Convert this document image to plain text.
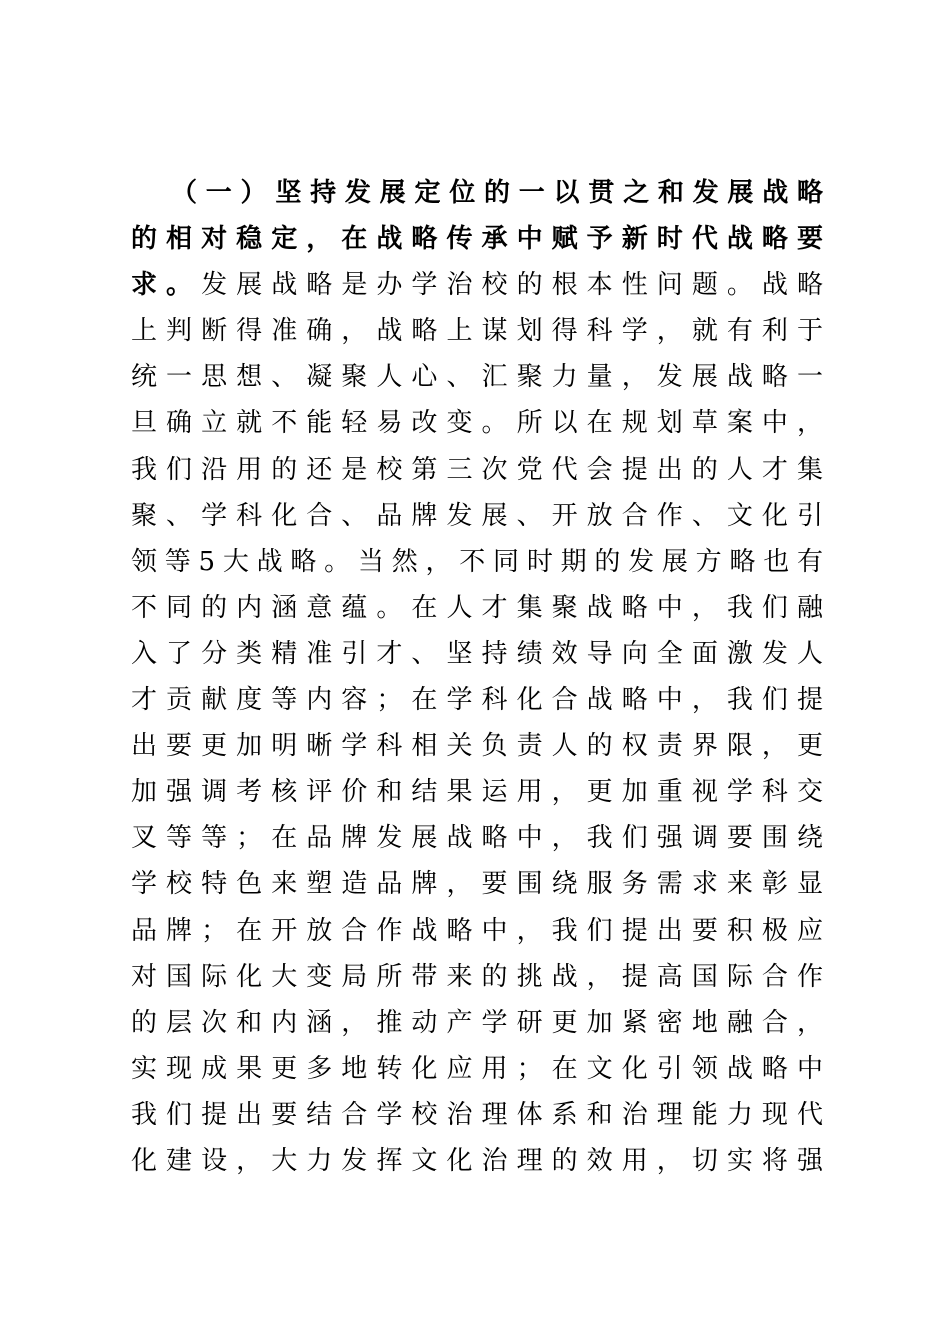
（一）坚持发展定位的一以贯之和发展战略
的相对稳定，在战略传承中赋予新时代战略要
求。发展战略是办学治校的根本性问题。战略
上判断得准确，战略上谋划得科学，就有利于
统一思想、凝聚人心、汇聚力量，发展战略一
旦确立就不能轻易改变。所以在规划草案中，
我们沿用的还是校第三次党代会提出的人才集
聚、学科化合、品牌发展、开放合作、文化引
领等5大战略。当然，不同时期的发展方略也有
不同的内涵意蕴。在人才集聚战略中，我们融
入了分类精准引才、坚持绩效导向全面激发人
才贡献度等内容；在学科化合战略中，我们提
出要更加明晰学科相关负责人的权责界限，更
加强调考核评价和结果运用，更加重视学科交
叉等等；在品牌发展战略中，我们强调要围绕
学校特色来塑造品牌，要围绕服务需求来彰显
品牌；在开放合作战略中，我们提出要积极应
对国际化大变局所带来的挑战，提高国际合作
的层次和内涵，推动产学研更加紧密地融合，
实现成果更多地转化应用；在文化引领战略中
我们提出要结合学校治理体系和治理能力现代
化建设，大力发挥文化治理的效用，切实将强
